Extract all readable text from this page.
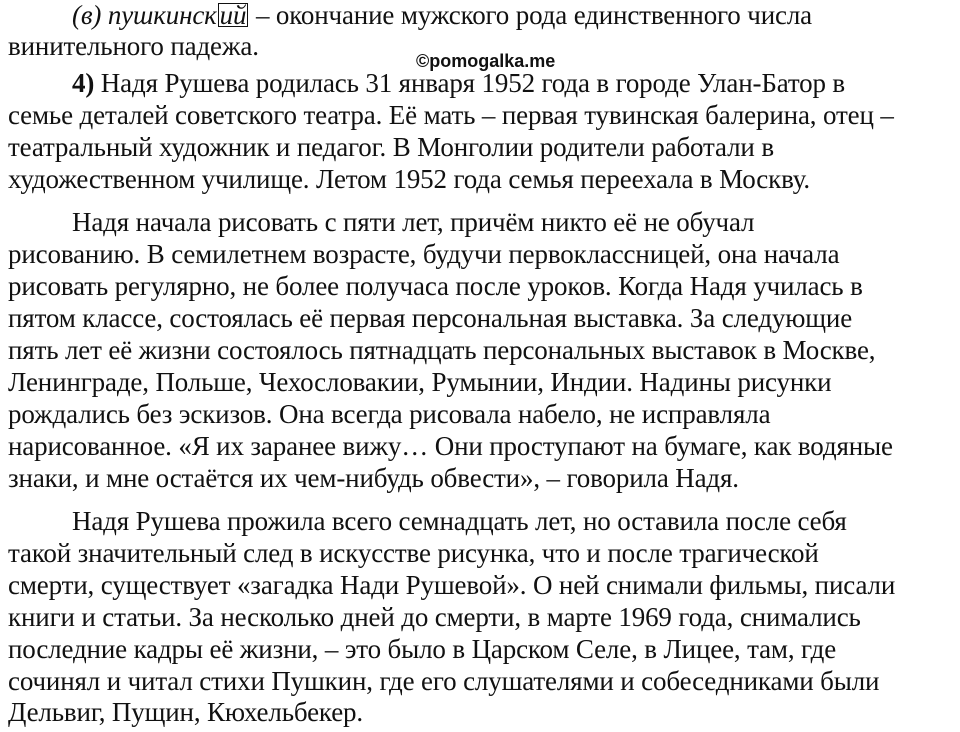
(в) пушкинск ий – окончание мужского рода единственного числа
винительного падежа.	©pomogalka.me
4) Надя Рушева родилась 31 января 1952 года в городе Улан-Батор в
семье деталей советского театра. Её мать – первая тувинская балерина, отец –
театральный художник и педагог. В Монголии родители работали в
художественном училище. Летом 1952 года семья переехала в Москву.
Надя начала рисовать с пяти лет, причём никто её не обучал
рисованию. В семилетнем возрасте, будучи первоклассницей, она начала
рисовать регулярно, не более получаса после уроков. Когда Надя училась в
пятом классе, состоялась её первая персональная выставка. За следующие
пять лет её жизни состоялось пятнадцать персональных выставок в Москве,
Ленинграде, Польше, Чехословакии, Румынии, Индии. Надины рисунки
рождались без эскизов. Она всегда рисовала набело, не исправляла
нарисованное. «Я их заранее вижу… Они проступают на бумаге, как водяные
знаки, и мне остаётся их чем-нибудь обвести», – говорила Надя.
Надя Рушева прожила всего семнадцать лет, но оставила после себя
такой значительный след в искусстве рисунка, что и после трагической
смерти, существует «загадка Нади Рушевой». О ней снимали фильмы, писали
книги и статьи. За несколько дней до смерти, в марте 1969 года, снимались
последние кадры её жизни, – это было в Царском Селе, в Лицее, там, где
сочинял и читал стихи Пушкин, где его слушателями и собеседниками были
Дельвиг, Пущин, Кюхельбекер.
